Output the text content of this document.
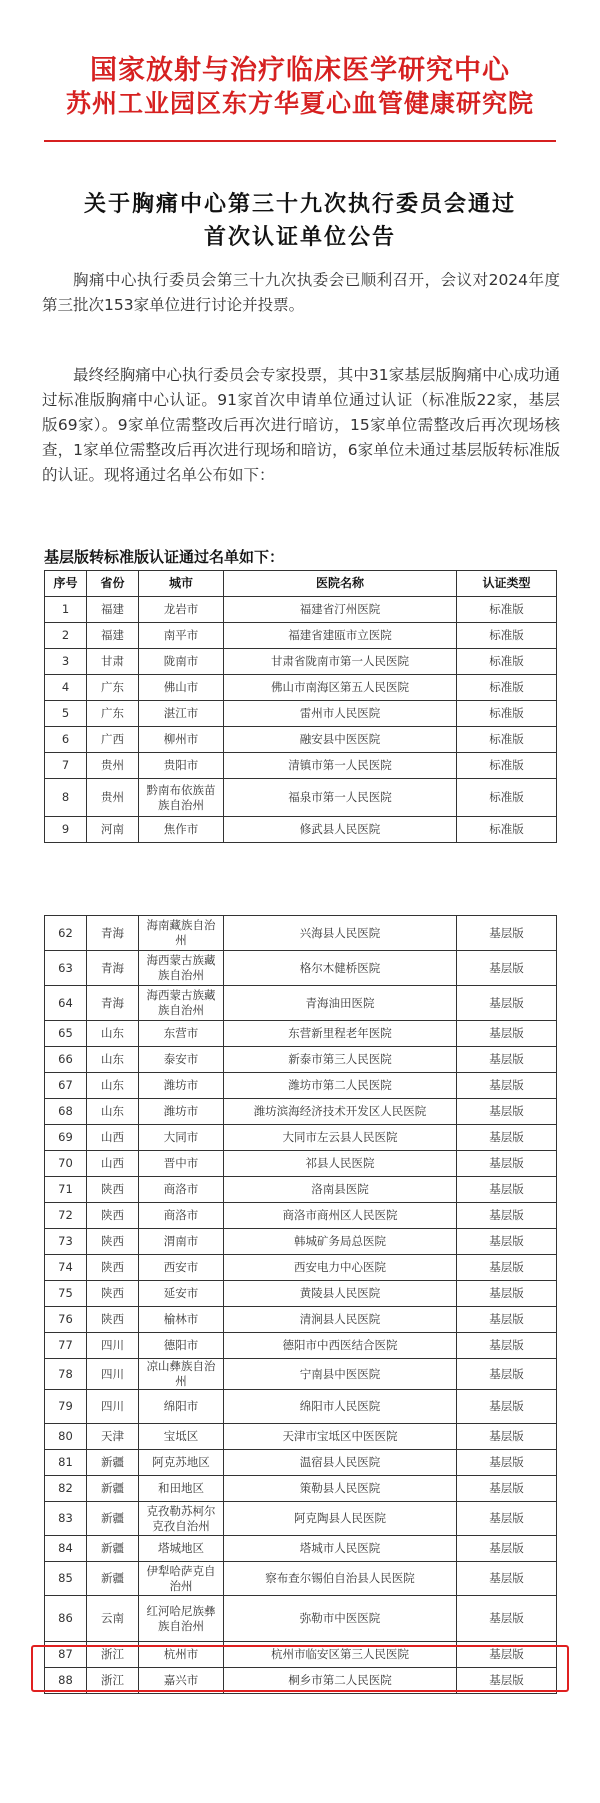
国家放射与治疗临床医学研究中心
苏州工业园区东方华夏心血管健康研究院
关于胸痛中心第三十九次执行委员会通过
首次认证单位公告

胸痛中心执行委员会第三十九次执委会已顺利召开，会议对2024年度第三批次153家单位进行讨论并投票。

最终经胸痛中心执行委员会专家投票，其中31家基层版胸痛中心成功通过标准版胸痛中心认证。91家首次申请单位通过认证（标准版22家，基层版69家）。9家单位需整改后再次进行暗访，15家单位需整改后再次现场核查，1家单位需整改后再次进行现场和暗访，6家单位未通过基层版转标准版的认证。现将通过名单公布如下：

基层版转标准版认证通过名单如下：
序号	省份	城市	医院名称	认证类型
1	福建	龙岩市	福建省汀州医院	标准版
2	福建	南平市	福建省建瓯市立医院	标准版
3	甘肃	陇南市	甘肃省陇南市第一人民医院	标准版
4	广东	佛山市	佛山市南海区第五人民医院	标准版
5	广东	湛江市	雷州市人民医院	标准版
6	广西	柳州市	融安县中医医院	标准版
7	贵州	贵阳市	清镇市第一人民医院	标准版
8	贵州	黔南布依族苗族自治州	福泉市第一人民医院	标准版
9	河南	焦作市	修武县人民医院	标准版
62	青海	海南藏族自治州	兴海县人民医院	基层版
63	青海	海西蒙古族藏族自治州	格尔木健桥医院	基层版
64	青海	海西蒙古族藏族自治州	青海油田医院	基层版
65	山东	东营市	东营新里程老年医院	基层版
66	山东	泰安市	新泰市第三人民医院	基层版
67	山东	潍坊市	潍坊市第二人民医院	基层版
68	山东	潍坊市	潍坊滨海经济技术开发区人民医院	基层版
69	山西	大同市	大同市左云县人民医院	基层版
70	山西	晋中市	祁县人民医院	基层版
71	陕西	商洛市	洛南县医院	基层版
72	陕西	商洛市	商洛市商州区人民医院	基层版
73	陕西	渭南市	韩城矿务局总医院	基层版
74	陕西	西安市	西安电力中心医院	基层版
75	陕西	延安市	黄陵县人民医院	基层版
76	陕西	榆林市	清涧县人民医院	基层版
77	四川	德阳市	德阳市中西医结合医院	基层版
78	四川	凉山彝族自治州	宁南县中医医院	基层版
79	四川	绵阳市	绵阳市人民医院	基层版
80	天津	宝坻区	天津市宝坻区中医医院	基层版
81	新疆	阿克苏地区	温宿县人民医院	基层版
82	新疆	和田地区	策勒县人民医院	基层版
83	新疆	克孜勒苏柯尔克孜自治州	阿克陶县人民医院	基层版
84	新疆	塔城地区	塔城市人民医院	基层版
85	新疆	伊犁哈萨克自治州	察布查尔锡伯自治县人民医院	基层版
86	云南	红河哈尼族彝族自治州	弥勒市中医医院	基层版
87	浙江	杭州市	杭州市临安区第三人民医院	基层版
88	浙江	嘉兴市	桐乡市第二人民医院	基层版
